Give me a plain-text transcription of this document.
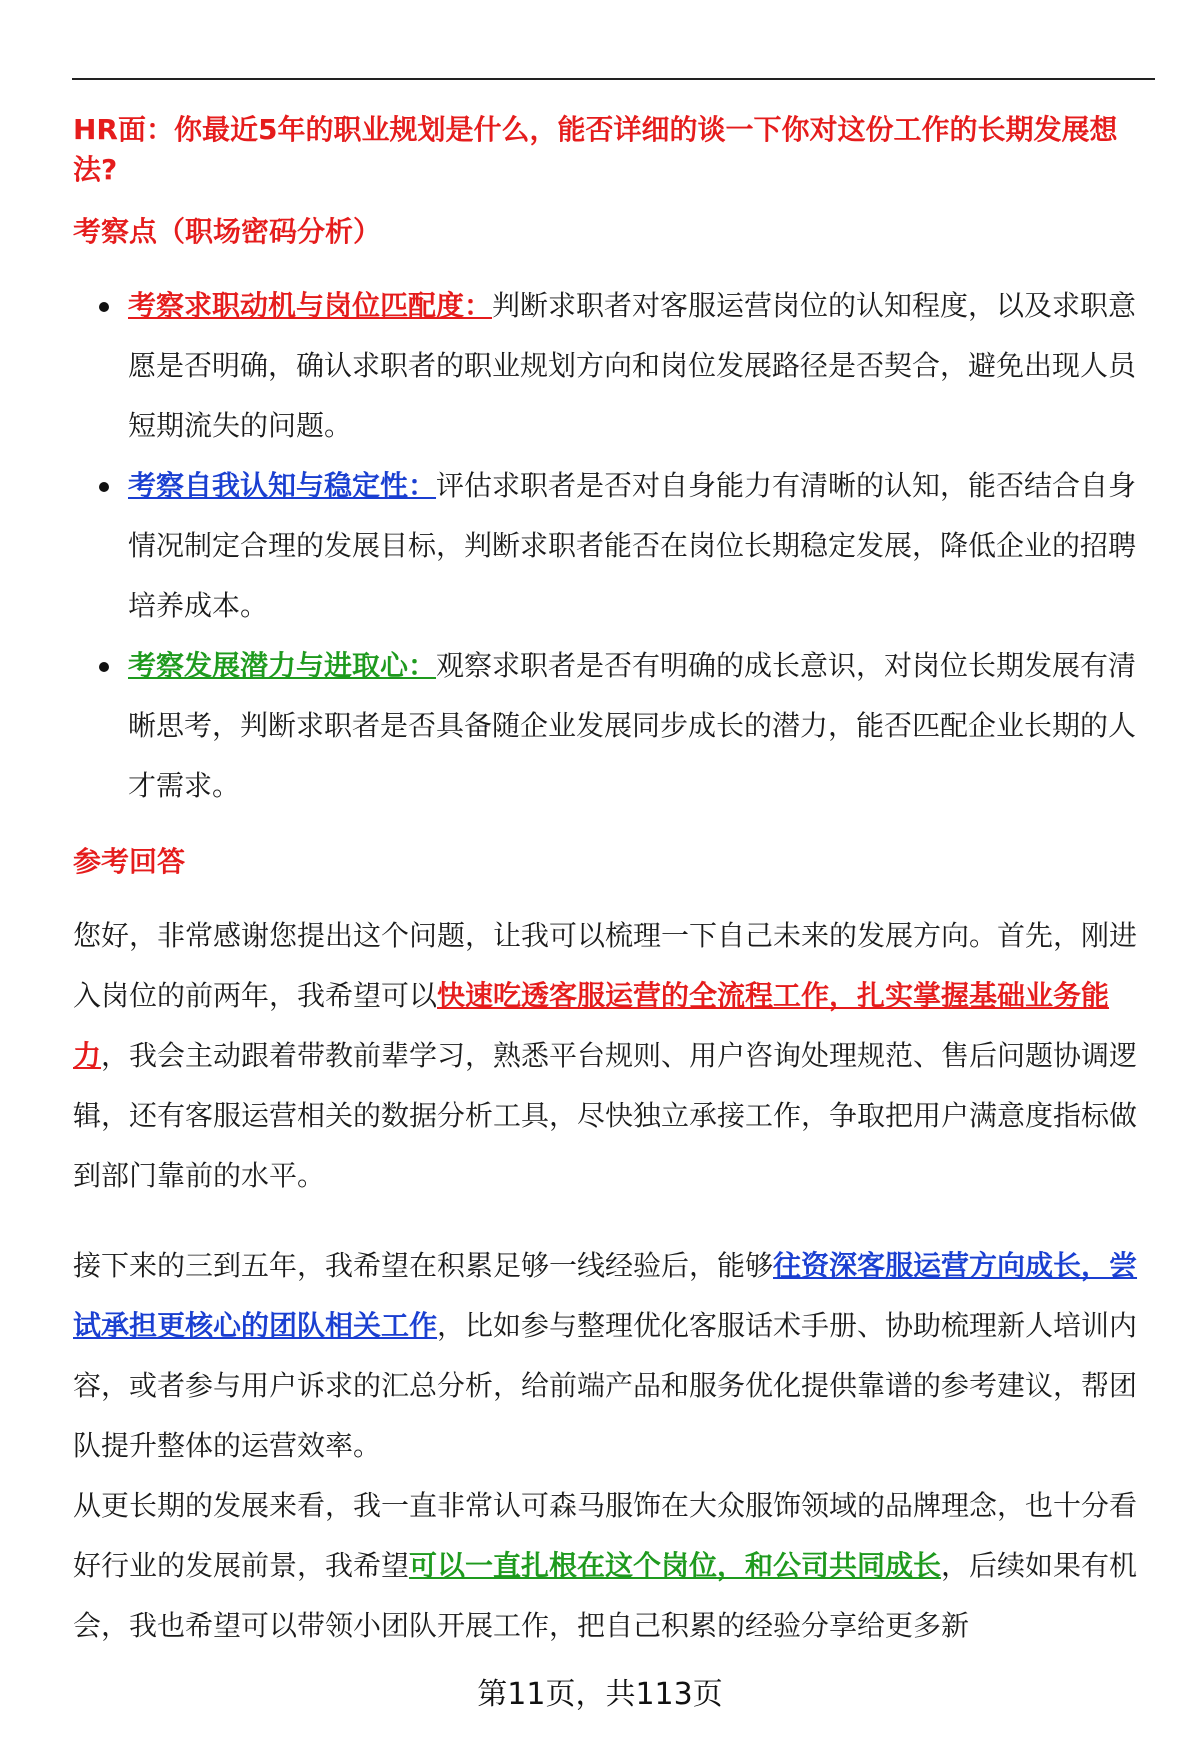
HR面：你最近5年的职业规划是什么，能否详细的谈一下你对这份工作的长期发展想法?

考察点（职场密码分析）

考察求职动机与岗位匹配度：判断求职者对客服运营岗位的认知程度，以及求职意愿是否明确，确认求职者的职业规划方向和岗位发展路径是否契合，避免出现人员短期流失的问题。
考察自我认知与稳定性：评估求职者是否对自身能力有清晰的认知，能否结合自身情况制定合理的发展目标，判断求职者能否在岗位长期稳定发展，降低企业的招聘培养成本。
考察发展潜力与进取心：观察求职者是否有明确的成长意识，对岗位长期发展有清晰思考，判断求职者是否具备随企业发展同步成长的潜力，能否匹配企业长期的人才需求。

参考回答

您好，非常感谢您提出这个问题，让我可以梳理一下自己未来的发展方向。首先，刚进入岗位的前两年，我希望可以快速吃透客服运营的全流程工作，扎实掌握基础业务能力，我会主动跟着带教前辈学习，熟悉平台规则、用户咨询处理规范、售后问题协调逻辑，还有客服运营相关的数据分析工具，尽快独立承接工作，争取把用户满意度指标做到部门靠前的水平。

接下来的三到五年，我希望在积累足够一线经验后，能够往资深客服运营方向成长，尝试承担更核心的团队相关工作，比如参与整理优化客服话术手册、协助梳理新人培训内容，或者参与用户诉求的汇总分析，给前端产品和服务优化提供靠谱的参考建议，帮团队提升整体的运营效率。

从更长期的发展来看，我一直非常认可森马服饰在大众服饰领域的品牌理念，也十分看好行业的发展前景，我希望可以一直扎根在这个岗位，和公司共同成长，后续如果有机会，我也希望可以带领小团队开展工作，把自己积累的经验分享给更多新

第11页，共113页
